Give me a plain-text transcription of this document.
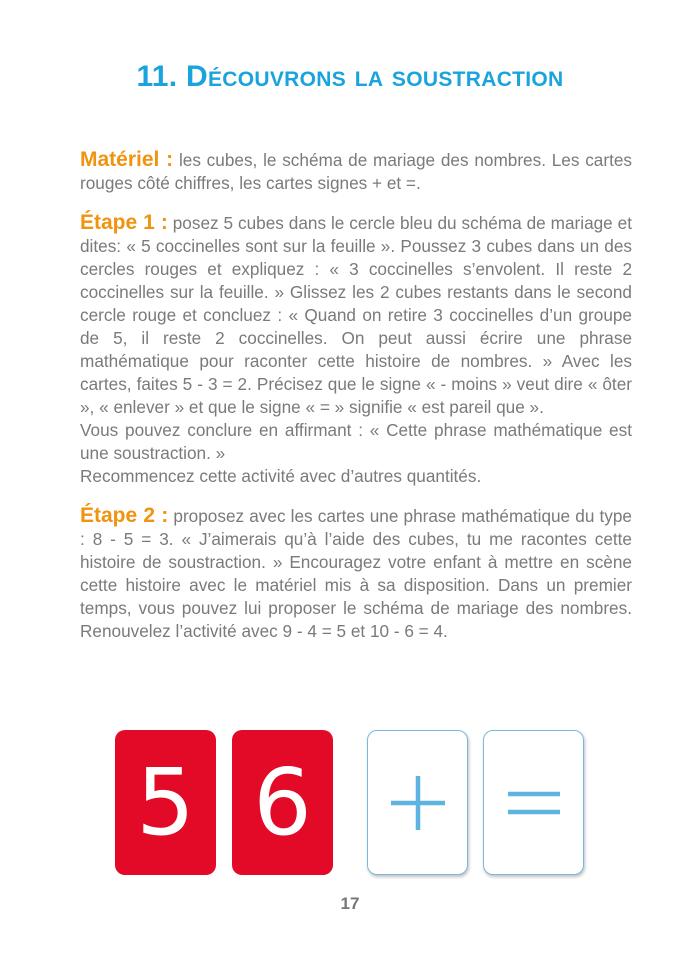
11. Découvrons la soustraction

Matériel : les cubes, le schéma de mariage des nombres. Les cartes rouges côté chiffres, les cartes signes + et =.

Étape 1 : posez 5 cubes dans le cercle bleu du schéma de mariage et dites: « 5 coccinelles sont sur la feuille ». Poussez 3 cubes dans un des cercles rouges et expliquez : « 3 coccinelles s’envolent. Il reste 2 coccinelles sur la feuille. » Glissez les 2 cubes restants dans le second cercle rouge et concluez : « Quand on retire 3 coccinelles d’un groupe de 5, il reste 2 coccinelles. On peut aussi écrire une phrase mathématique pour raconter cette histoire de nombres. » Avec les cartes, faites 5 - 3 = 2. Précisez que le signe « - moins » veut dire « ôter », « enlever » et que le signe « = » signifie « est pareil que ».

Vous pouvez conclure en affirmant : « Cette phrase mathématique est une soustraction. »

Recommencez cette activité avec d’autres quantités.

Étape 2 : proposez avec les cartes une phrase mathématique du type : 8 - 5 = 3. « J’aimerais qu’à l’aide des cubes, tu me racontes cette histoire de soustraction. » Encouragez votre enfant à mettre en scène cette histoire avec le matériel mis à sa disposition. Dans un premier temps, vous pouvez lui proposer le schéma de mariage des nombres. Renouvelez l’activité avec 9 - 4 = 5 et 10 - 6 = 4.

5 6
17
